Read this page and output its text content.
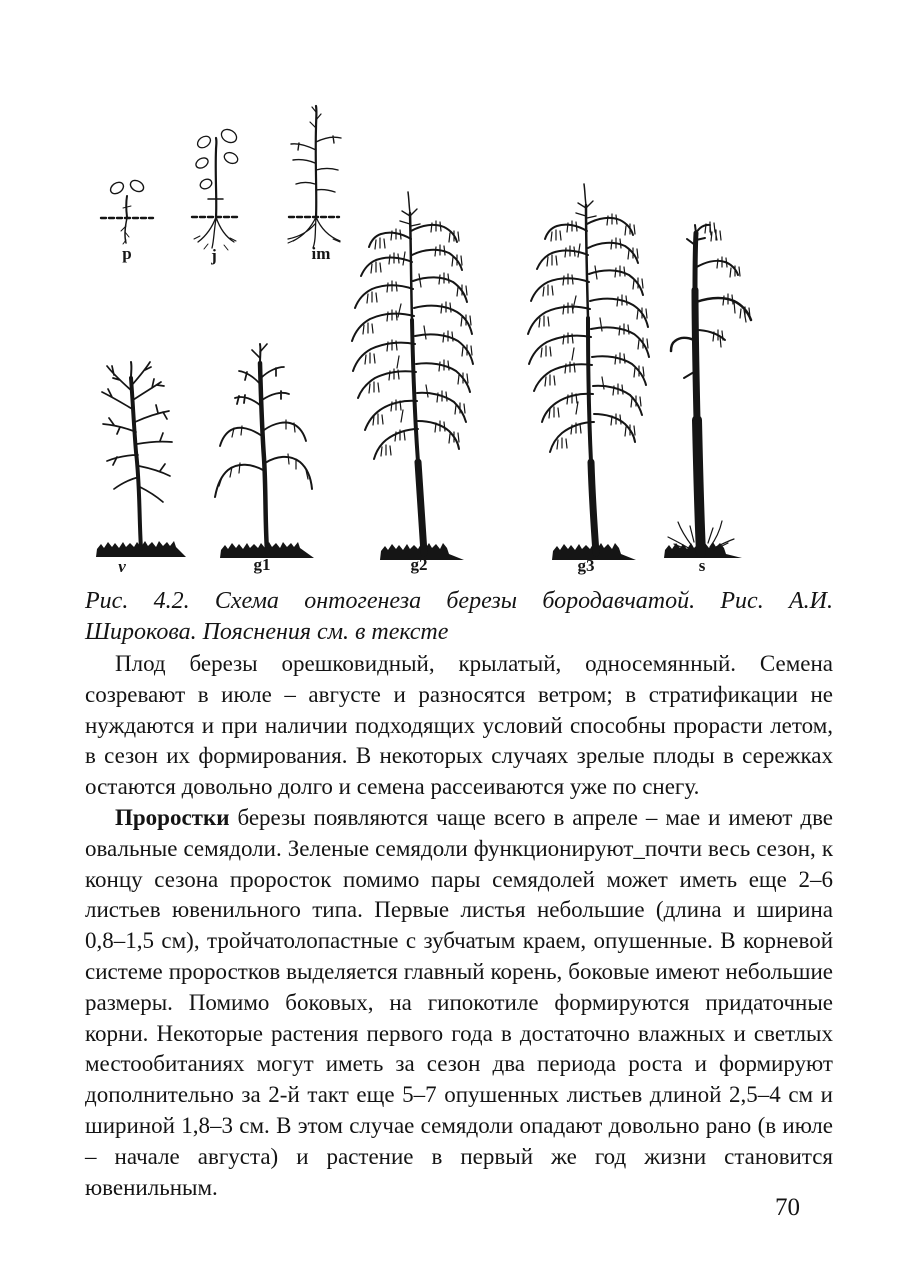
p	j	im
v	g1	g2	g3	s
Рис. 4.2. Схема онтогенеза березы бородавчатой. Рис. А.И.
Широкова. Пояснения см. в тексте

Плод березы орешковидный, крылатый, односемянный. Семена созревают в июле – августе и разносятся ветром; в стратификации не нуждаются и при наличии подходящих условий способны прорасти летом, в сезон их формирования. В некоторых случаях зрелые плоды в сережках остаются довольно долго и семена рассеиваются уже по снегу.

Проростки березы появляются чаще всего в апреле – мае и имеют две овальные семядоли. Зеленые семядоли функционируют_почти весь сезон, к концу сезона проросток помимо пары семядолей может иметь еще 2–6 листьев ювенильного типа. Первые листья небольшие (длина и ширина 0,8–1,5 см), тройчатолопастные с зубчатым краем, опушенные. В корневой системе проростков выделяется главный корень, боковые имеют небольшие размеры. Помимо боковых, на гипокотиле формируются придаточные корни. Некоторые растения первого года в достаточно влажных и светлых местообитаниях могут иметь за сезон два периода роста и формируют дополнительно за 2-й такт еще 5–7 опушенных листьев длиной 2,5–4 см и шириной 1,8–3 см. В этом случае семядоли опадают довольно рано (в июле – начале августа) и растение в первый же год жизни становится ювенильным.

70
